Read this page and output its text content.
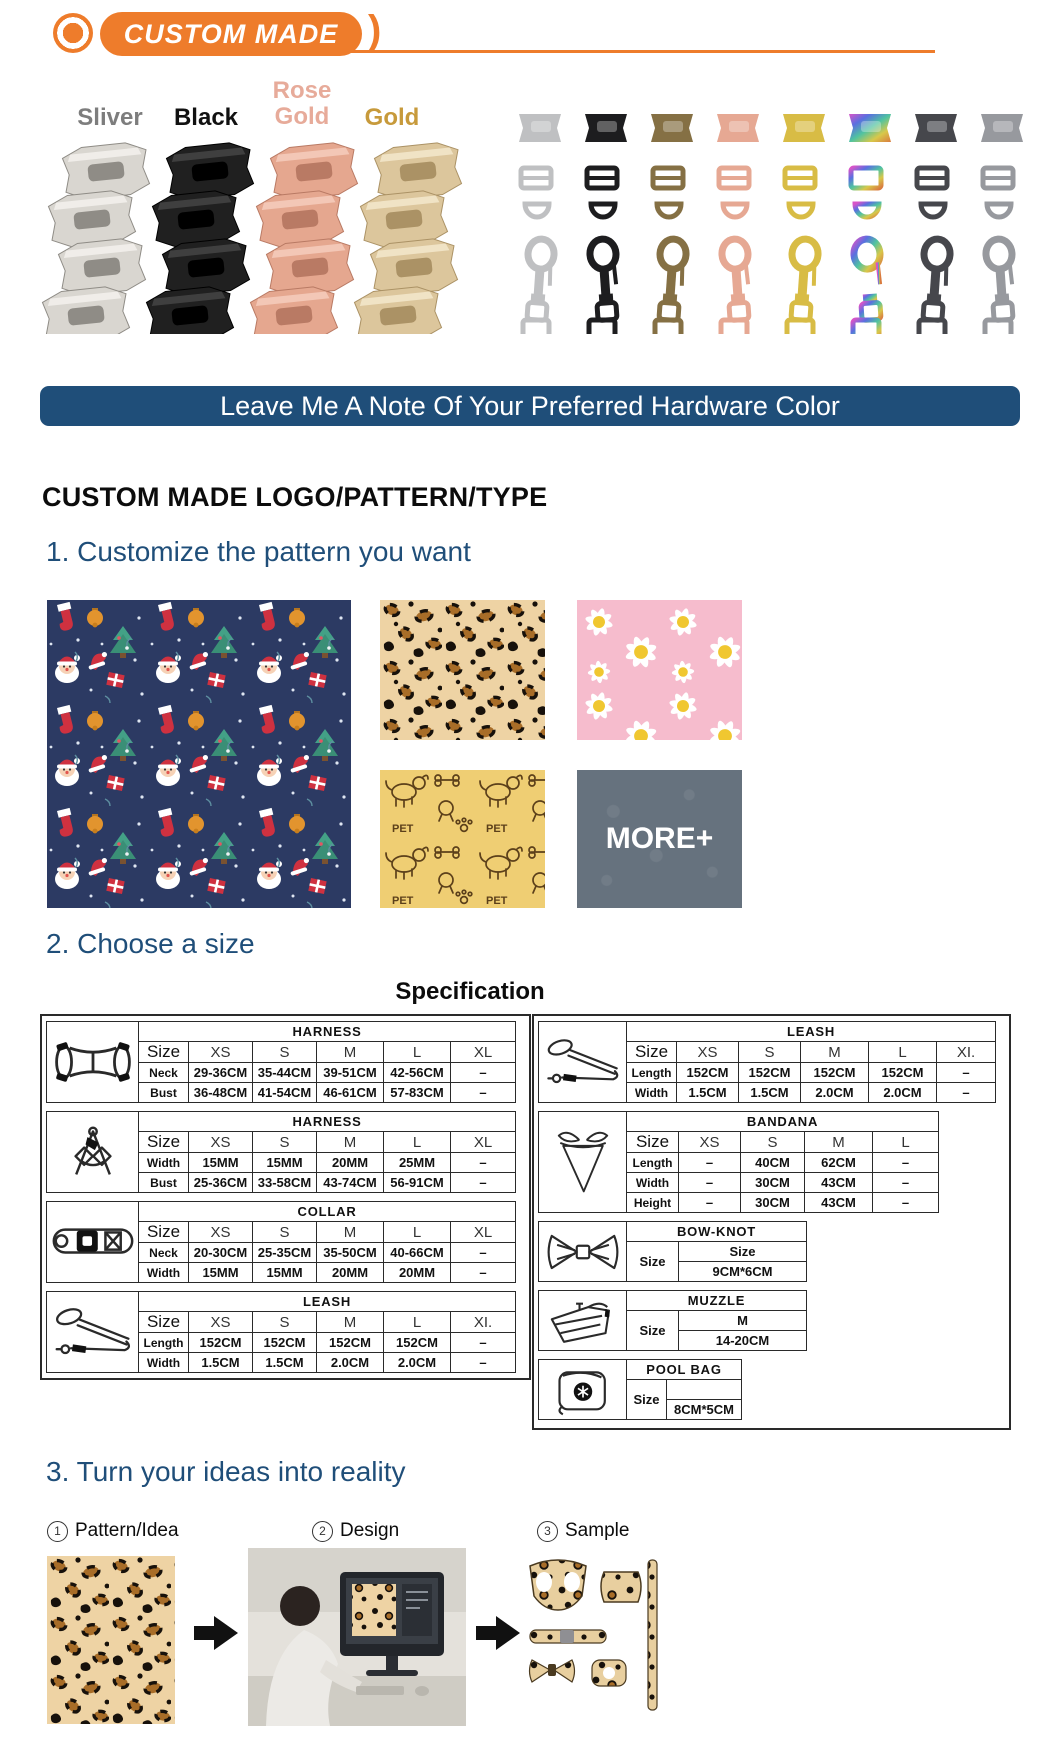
CUSTOM MADE )
Sliver	Black
Rose Gold	Gold
Leave Me A Note Of Your Preferred Hardware Color
CUSTOM MADE LOGO/PATTERN/TYPE
1. Customize the pattern you want
MORE+
2. Choose a size
Specification
	HARNESS					
	Size	XS	S	M	L	XL
	Neck	29-36CM	35-44CM	39-51CM	42-56CM	–
	Bust	36-48CM	41-54CM	46-61CM	57-83CM	–
	HARNESS					
	Size	XS	S	M	L	XL
	Width	15MM	15MM	20MM	25MM	–
	Bust	25-36CM	33-58CM	43-74CM	56-91CM	–
	COLLAR					
	Size	XS	S	M	L	XL
	Neck	20-30CM	25-35CM	35-50CM	40-66CM	–
	Width	15MM	15MM	20MM	20MM	–
	LEASH					
	Size	XS	S	M	L	XI.
	Length	152CM	152CM	152CM	152CM	–
	Width	1.5CM	1.5CM	2.0CM	2.0CM	–
	LEASH					
	Size	XS	S	M	L	XI.
	Length	152CM	152CM	152CM	152CM	–
	Width	1.5CM	1.5CM	2.0CM	2.0CM	–
	BANDANA				
	Size	XS	S	M	L
	Length	–	40CM	62CM	–
	Width	–	30CM	43CM	–
	Height	–	30CM	43CM	–
	BOW-KNOT	
	Size	Size
		9CM*6CM
	MUZZLE	
	Size	M
		14-20CM
	POOL BAG	
	Size	
		8CM*5CM
3. Turn your ideas into reality
1 Pattern/Idea	2 Design	3 Sample
